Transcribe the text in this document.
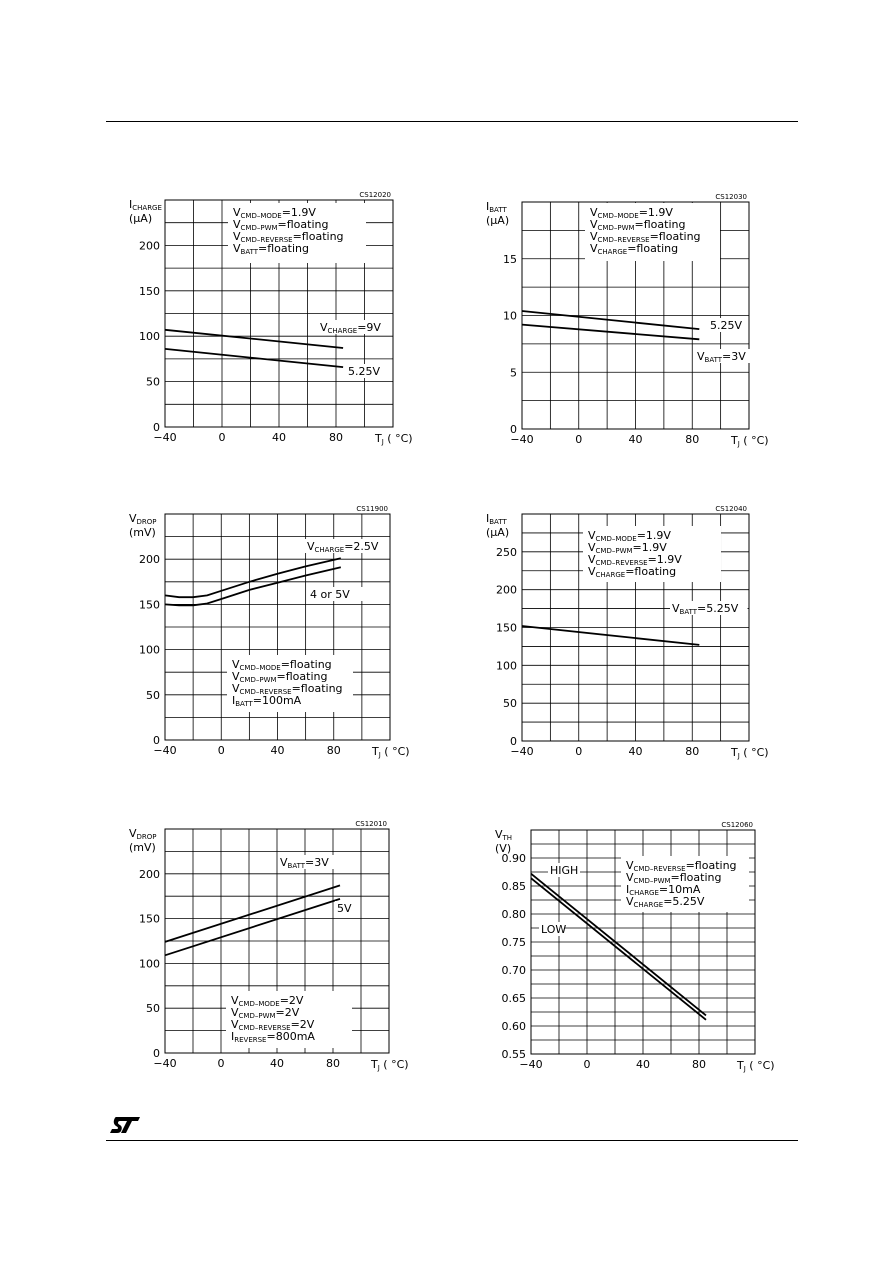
VCMD–MODE=1.9V
VCMD–PWM=floating
VCMD–REVERSE=floating
VBATT=floating
VCHARGE=9V
5.25V
−40	0	40	80
0
50
100
150
200
ICHARGE
(μA)
TJ ( °C)
CS12020
VCMD–MODE=1.9V
VCMD–PWM=floating
VCMD–REVERSE=floating
VCHARGE=floating
5.25V
VBATT=3V
−40	0	40	80
0
5
10
15
IBATT
(μA)
TJ ( °C)
CS12030
VCMD–MODE=floating
VCMD–PWM=floating
VCMD–REVERSE=floating
IBATT=100mA
VCHARGE=2.5V
4 or 5V
−40	0	40	80
0
50
100
150
200
VDROP
(mV)
TJ ( °C)
CS11900
VCMD–MODE=1.9V
VCMD–PWM=1.9V
VCMD–REVERSE=1.9V
VCHARGE=floating
VBATT=5.25V
−40	0	40	80
0
50
100
150
200
250
IBATT
(μA)
TJ ( °C)
CS12040
VCMD–MODE=2V
VCMD–PWM=2V
VCMD–REVERSE=2V
IREVERSE=800mA
VBATT=3V
5V
−40	0	40	80
0
50
100
150
200
VDROP
(mV)
TJ ( °C)
CS12010
VCMD–REVERSE=floating
VCMD–PWM=floating
ICHARGE=10mA
VCHARGE=5.25V
HIGH
LOW
−40	0	40	80
0.55
0.60
0.65
0.70
0.75
0.80
0.85
0.90
VTH
(V)
TJ ( °C)
CS12060
